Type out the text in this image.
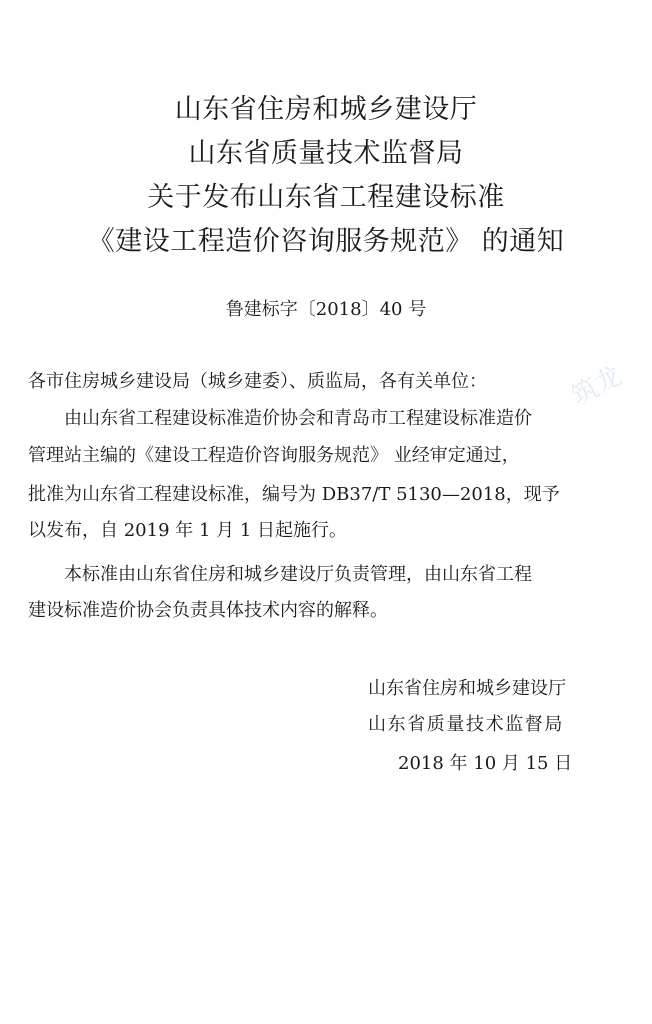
山东省住房和城乡建设厅
山东省质量技术监督局
关于发布山东省工程建设标准
《建设工程造价咨询服务规范》 的通知
鲁建标字〔2018〕40 号
各市住房城乡建设局（城乡建委）、质监局，各有关单位：
由山东省工程建设标准造价协会和青岛市工程建设标准造价
管理站主编的《建设工程造价咨询服务规范》 业经审定通过，
批准为山东省工程建设标准，编号为 DB37/T 5130—2018，现予
以发布，自 2019 年 1 月 1 日起施行。
本标准由山东省住房和城乡建设厅负责管理，由山东省工程
建设标准造价协会负责具体技术内容的解释。
山东省住房和城乡建设厅
山东省质量技术监督局
2018 年 10 月 15 日
筑龙
